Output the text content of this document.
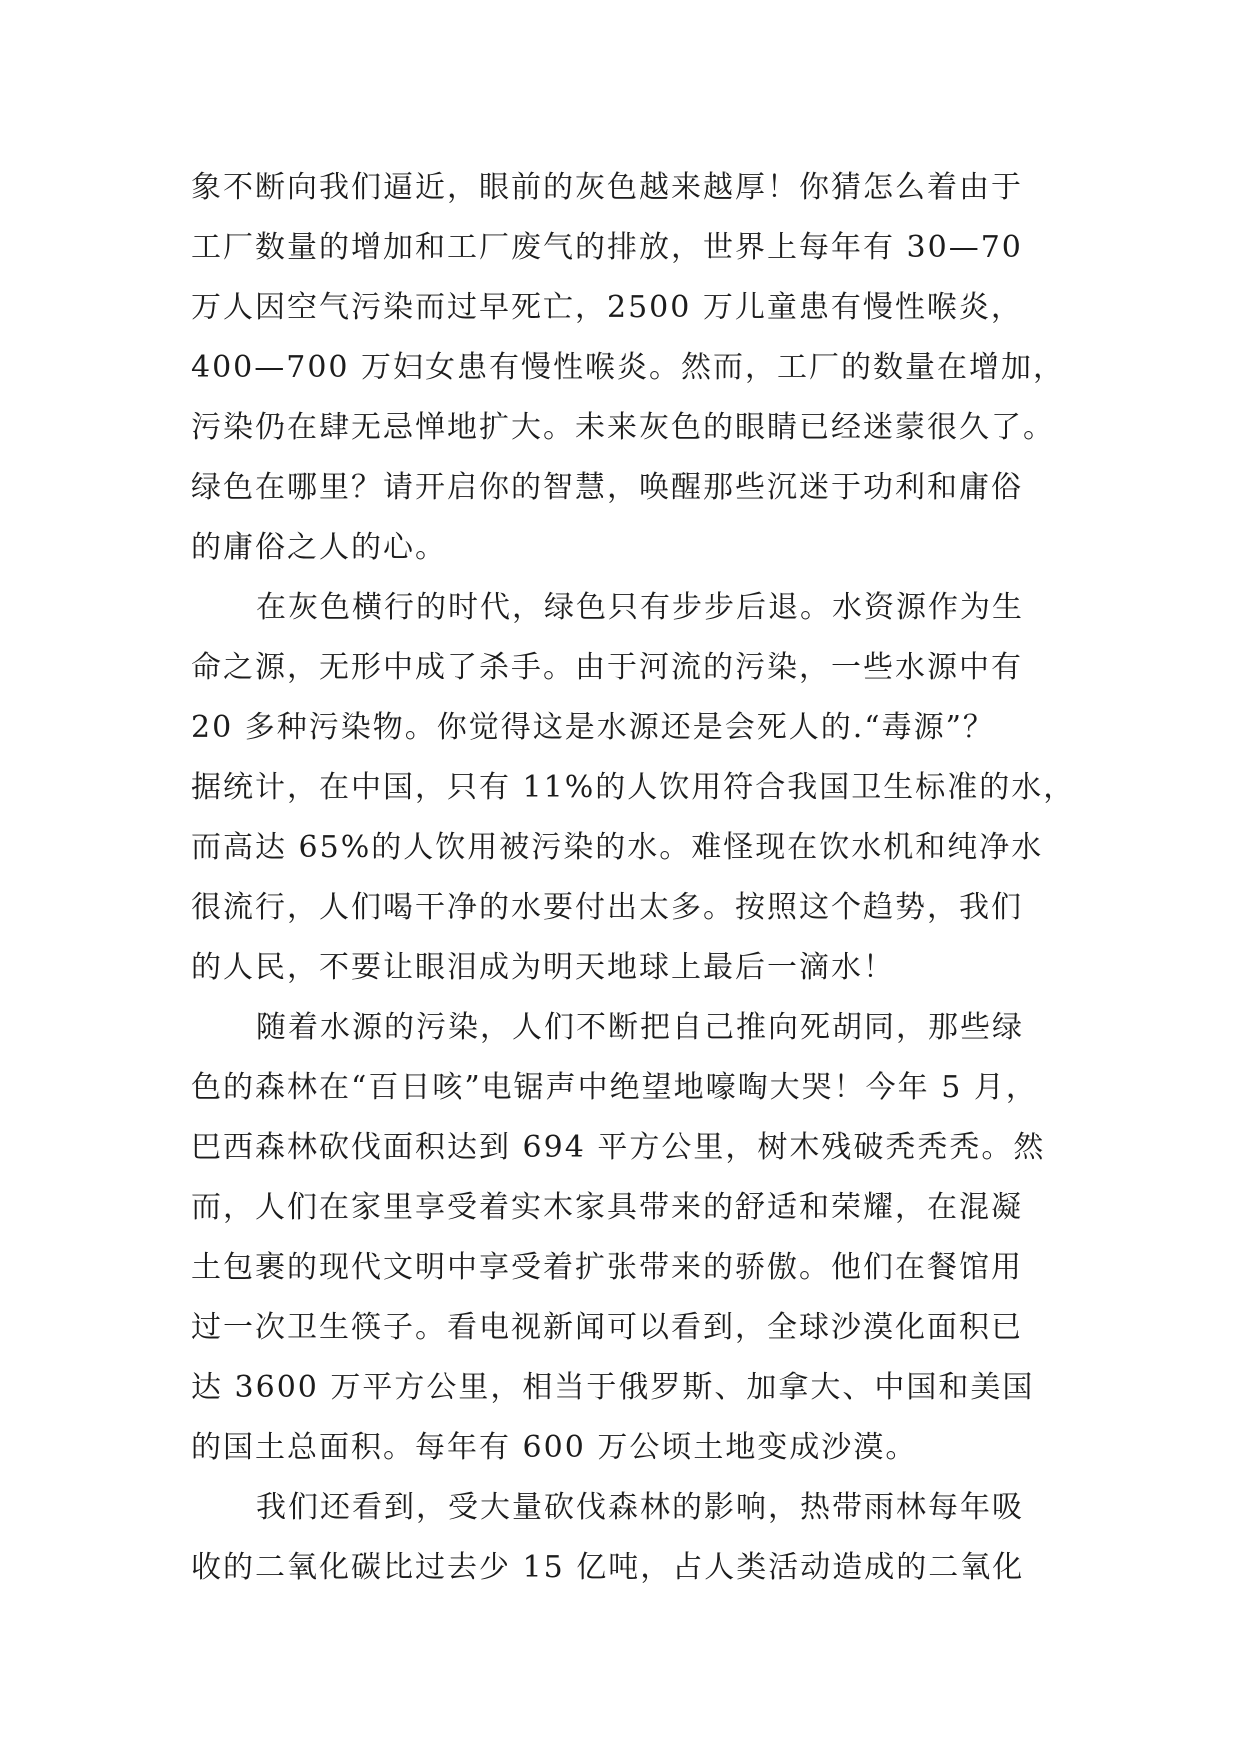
象不断向我们逼近，眼前的灰色越来越厚！你猜怎么着由于
工厂数量的增加和工厂废气的排放，世界上每年有 30—70
万人因空气污染而过早死亡，2500 万儿童患有慢性喉炎，
400—700 万妇女患有慢性喉炎。然而，工厂的数量在增加，
污染仍在肆无忌惮地扩大。未来灰色的眼睛已经迷蒙很久了。
绿色在哪里？请开启你的智慧，唤醒那些沉迷于功利和庸俗
的庸俗之人的心。
在灰色横行的时代，绿色只有步步后退。水资源作为生
命之源，无形中成了杀手。由于河流的污染，一些水源中有
20 多种污染物。你觉得这是水源还是会死人的.“毒源”？
据统计，在中国，只有 11%的人饮用符合我国卫生标准的水，
而高达 65%的人饮用被污染的水。难怪现在饮水机和纯净水
很流行，人们喝干净的水要付出太多。按照这个趋势，我们
的人民，不要让眼泪成为明天地球上最后一滴水！
随着水源的污染，人们不断把自己推向死胡同，那些绿
色的森林在“百日咳”电锯声中绝望地嚎啕大哭！今年 5 月，
巴西森林砍伐面积达到 694 平方公里，树木残破秃秃秃。然
而，人们在家里享受着实木家具带来的舒适和荣耀，在混凝
土包裹的现代文明中享受着扩张带来的骄傲。他们在餐馆用
过一次卫生筷子。看电视新闻可以看到，全球沙漠化面积已
达 3600 万平方公里，相当于俄罗斯、加拿大、中国和美国
的国土总面积。每年有 600 万公顷土地变成沙漠。
我们还看到，受大量砍伐森林的影响，热带雨林每年吸
收的二氧化碳比过去少 15 亿吨，占人类活动造成的二氧化
